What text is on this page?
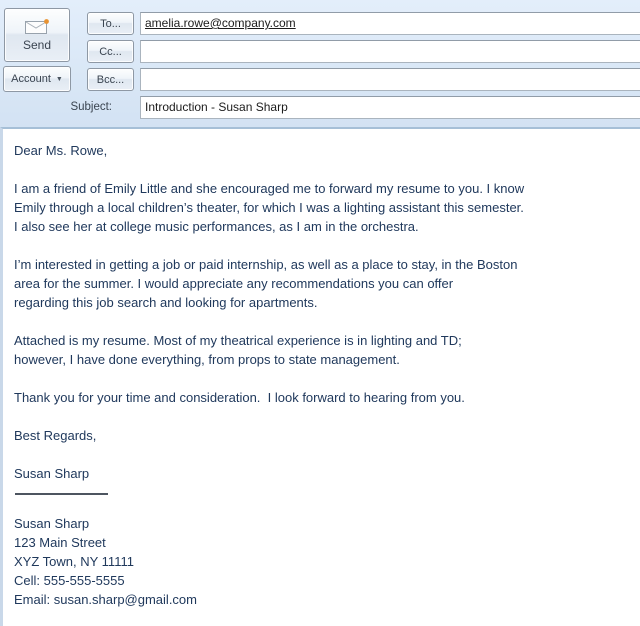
Send
Account ▼
To...
Cc...
Bcc...
amelia.rowe@company.com
Subject:	Introduction - Susan Sharp
Dear Ms. Rowe,
I am a friend of Emily Little and she encouraged me to forward my resume to you. I know
Emily through a local children’s theater, for which I was a lighting assistant this semester.
I also see her at college music performances, as I am in the orchestra.
I’m interested in getting a job or paid internship, as well as a place to stay, in the Boston
area for the summer. I would appreciate any recommendations you can offer
regarding this job search and looking for apartments.
Attached is my resume. Most of my theatrical experience is in lighting and TD;
however, I have done everything, from props to state management.
Thank you for your time and consideration.  I look forward to hearing from you.
Best Regards,
Susan Sharp
Susan Sharp
123 Main Street
XYZ Town, NY 11111
Cell: 555-555-5555
Email: susan.sharp@gmail.com
